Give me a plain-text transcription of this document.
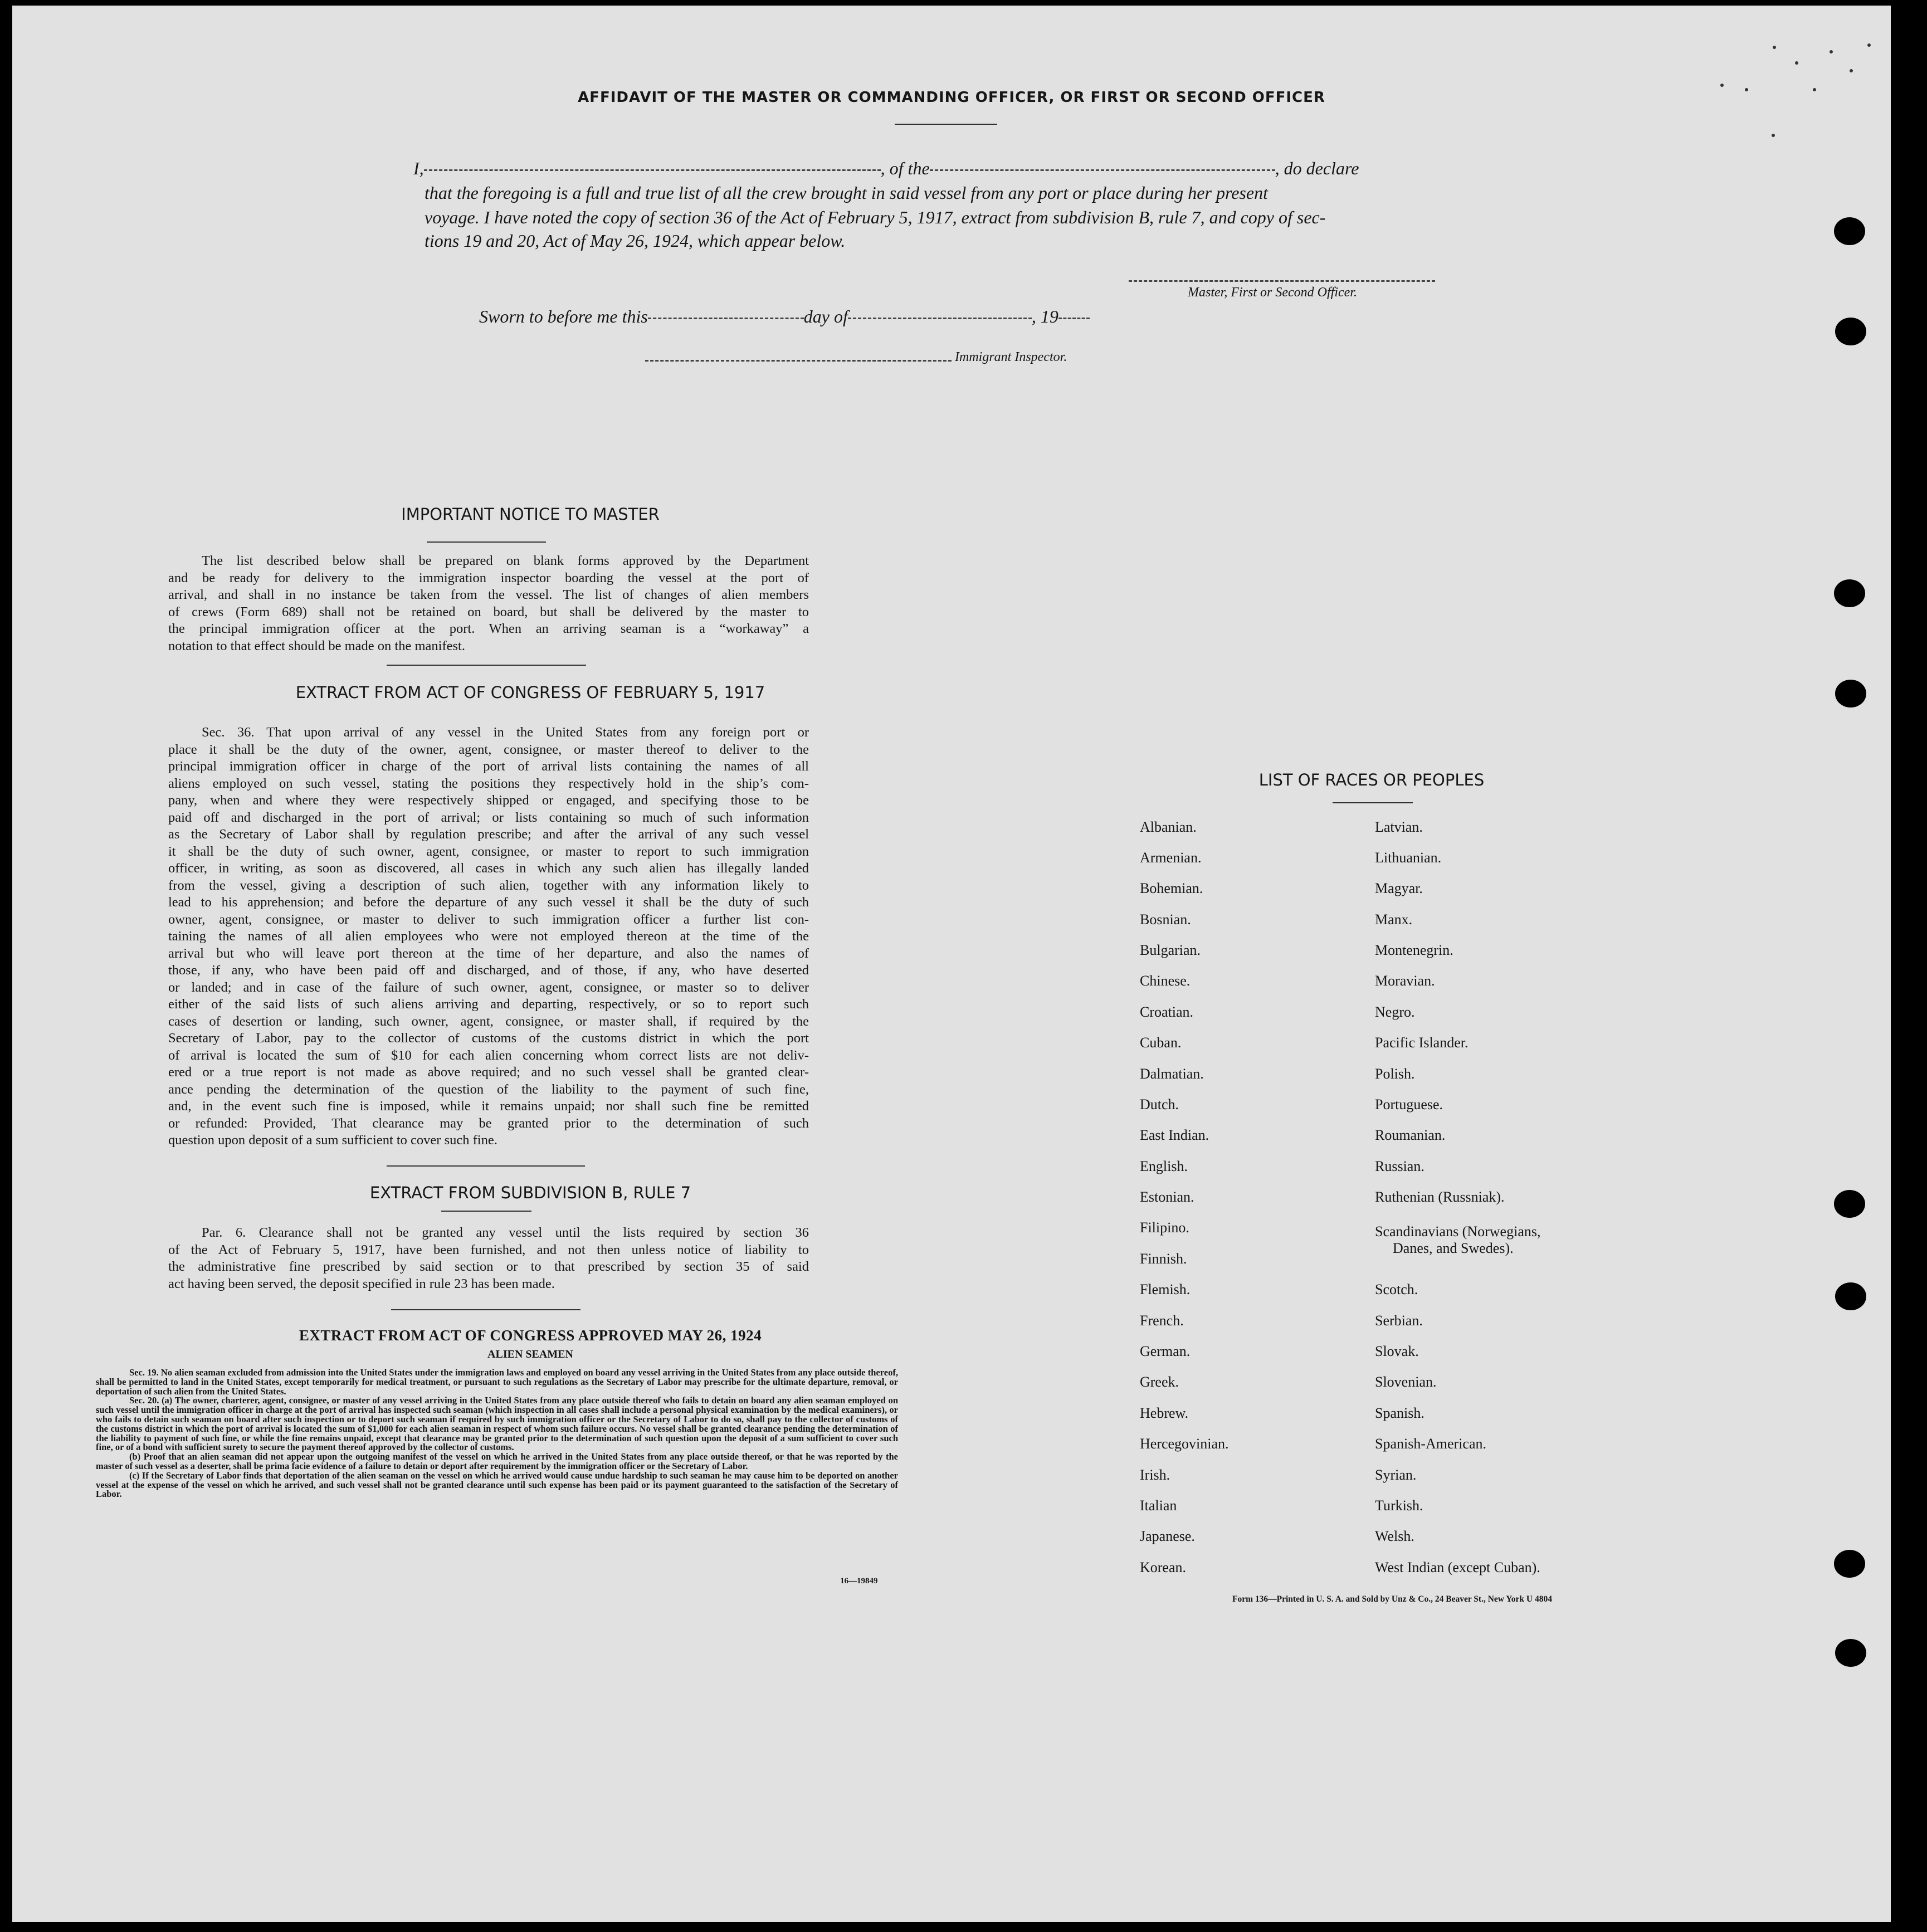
AFFIDAVIT OF THE MASTER OR COMMANDING OFFICER, OR FIRST OR SECOND OFFICER
I,	, of the	, do declare
that the foregoing is a full and true list of all the crew brought in said vessel from any port or place during her present
voyage. I have noted the copy of section 36 of the Act of February 5, 1917, extract from subdivision B, rule 7, and copy of sec-
tions 19 and 20, Act of May 26, 1924, which appear below.
Master, First or Second Officer.
Sworn to before me this	day of	, 19
Immigrant Inspector.
IMPORTANT NOTICE TO MASTER
The list described below shall be prepared on blank forms approved by the Department
and be ready for delivery to the immigration inspector boarding the vessel at the port of
arrival, and shall in no instance be taken from the vessel. The list of changes of alien members
of crews (Form 689) shall not be retained on board, but shall be delivered by the master to
the principal immigration officer at the port. When an arriving seaman is a “workaway” a
notation to that effect should be made on the manifest.
EXTRACT FROM ACT OF CONGRESS OF FEBRUARY 5, 1917
Sec. 36. That upon arrival of any vessel in the United States from any foreign port or
place it shall be the duty of the owner, agent, consignee, or master thereof to deliver to the
principal immigration officer in charge of the port of arrival lists containing the names of all
aliens employed on such vessel, stating the positions they respectively hold in the ship’s com-
pany, when and where they were respectively shipped or engaged, and specifying those to be
paid off and discharged in the port of arrival; or lists containing so much of such information
as the Secretary of Labor shall by regulation prescribe; and after the arrival of any such vessel
it shall be the duty of such owner, agent, consignee, or master to report to such immigration
officer, in writing, as soon as discovered, all cases in which any such alien has illegally landed
from the vessel, giving a description of such alien, together with any information likely to
lead to his apprehension; and before the departure of any such vessel it shall be the duty of such
owner, agent, consignee, or master to deliver to such immigration officer a further list con-
taining the names of all alien employees who were not employed thereon at the time of the
arrival but who will leave port thereon at the time of her departure, and also the names of
those, if any, who have been paid off and discharged, and of those, if any, who have deserted
or landed; and in case of the failure of such owner, agent, consignee, or master so to deliver
either of the said lists of such aliens arriving and departing, respectively, or so to report such
cases of desertion or landing, such owner, agent, consignee, or master shall, if required by the
Secretary of Labor, pay to the collector of customs of the customs district in which the port
of arrival is located the sum of $10 for each alien concerning whom correct lists are not deliv-
ered or a true report is not made as above required; and no such vessel shall be granted clear-
ance pending the determination of the question of the liability to the payment of such fine,
and, in the event such fine is imposed, while it remains unpaid; nor shall such fine be remitted
or refunded: Provided, That clearance may be granted prior to the determination of such
question upon deposit of a sum sufficient to cover such fine.
EXTRACT FROM SUBDIVISION B, RULE 7
Par. 6. Clearance shall not be granted any vessel until the lists required by section 36
of the Act of February 5, 1917, have been furnished, and not then unless notice of liability to
the administrative fine prescribed by said section or to that prescribed by section 35 of said
act having been served, the deposit specified in rule 23 has been made.
EXTRACT FROM ACT OF CONGRESS APPROVED MAY 26, 1924
ALIEN SEAMEN
Sec. 19. No alien seaman excluded from admission into the United States under the immigration laws and employed on board any vessel arriving in the United States from any place outside thereof, shall be permitted to land in the United States, except temporarily for medical treatment, or pursuant to such regulations as the Secretary of Labor may prescribe for the ultimate departure, removal, or deportation of such alien from the United States.
Sec. 20. (a) The owner, charterer, agent, consignee, or master of any vessel arriving in the United States from any place outside thereof who fails to detain on board any alien seaman employed on such vessel until the immigration officer in charge at the port of arrival has inspected such seaman (which inspection in all cases shall include a personal physical examination by the medical examiners), or who fails to detain such seaman on board after such inspection or to deport such seaman if required by such immigration officer or the Secretary of Labor to do so, shall pay to the collector of customs of the customs district in which the port of arrival is located the sum of $1,000 for each alien seaman in respect of whom such failure occurs. No vessel shall be granted clearance pending the determination of the liability to payment of such fine, or while the fine remains unpaid, except that clearance may be granted prior to the determination of such question upon the deposit of a sum sufficient to cover such fine, or of a bond with sufficient surety to secure the payment thereof approved by the collector of customs.
(b) Proof that an alien seaman did not appear upon the outgoing manifest of the vessel on which he arrived in the United States from any place outside thereof, or that he was reported by the master of such vessel as a deserter, shall be prima facie evidence of a failure to detain or deport after requirement by the immigration officer or the Secretary of Labor.
(c) If the Secretary of Labor finds that deportation of the alien seaman on the vessel on which he arrived would cause undue hardship to such seaman he may cause him to be deported on another vessel at the expense of the vessel on which he arrived, and such vessel shall not be granted clearance until such expense has been paid or its payment guaranteed to the satisfaction of the Secretary of Labor.
16—19849
LIST OF RACES OR PEOPLES
Albanian.
Armenian.
Bohemian.
Bosnian.
Bulgarian.
Chinese.
Croatian.
Cuban.
Dalmatian.
Dutch.
East Indian.
English.
Estonian.
Filipino.
Finnish.
Flemish.
French.
German.
Greek.
Hebrew.
Hercegovinian.
Irish.
Italian
Japanese.
Korean.
Latvian.
Lithuanian.
Magyar.
Manx.
Montenegrin.
Moravian.
Negro.
Pacific Islander.
Polish.
Portuguese.
Roumanian.
Russian.
Ruthenian (Russniak).
Scandinavians (Norwegians,
Danes, and Swedes).
Scotch.
Serbian.
Slovak.
Slovenian.
Spanish.
Spanish-American.
Syrian.
Turkish.
Welsh.
West Indian (except Cuban).
Form 136—Printed in U. S. A. and Sold by Unz & Co., 24 Beaver St., New York U 4804
